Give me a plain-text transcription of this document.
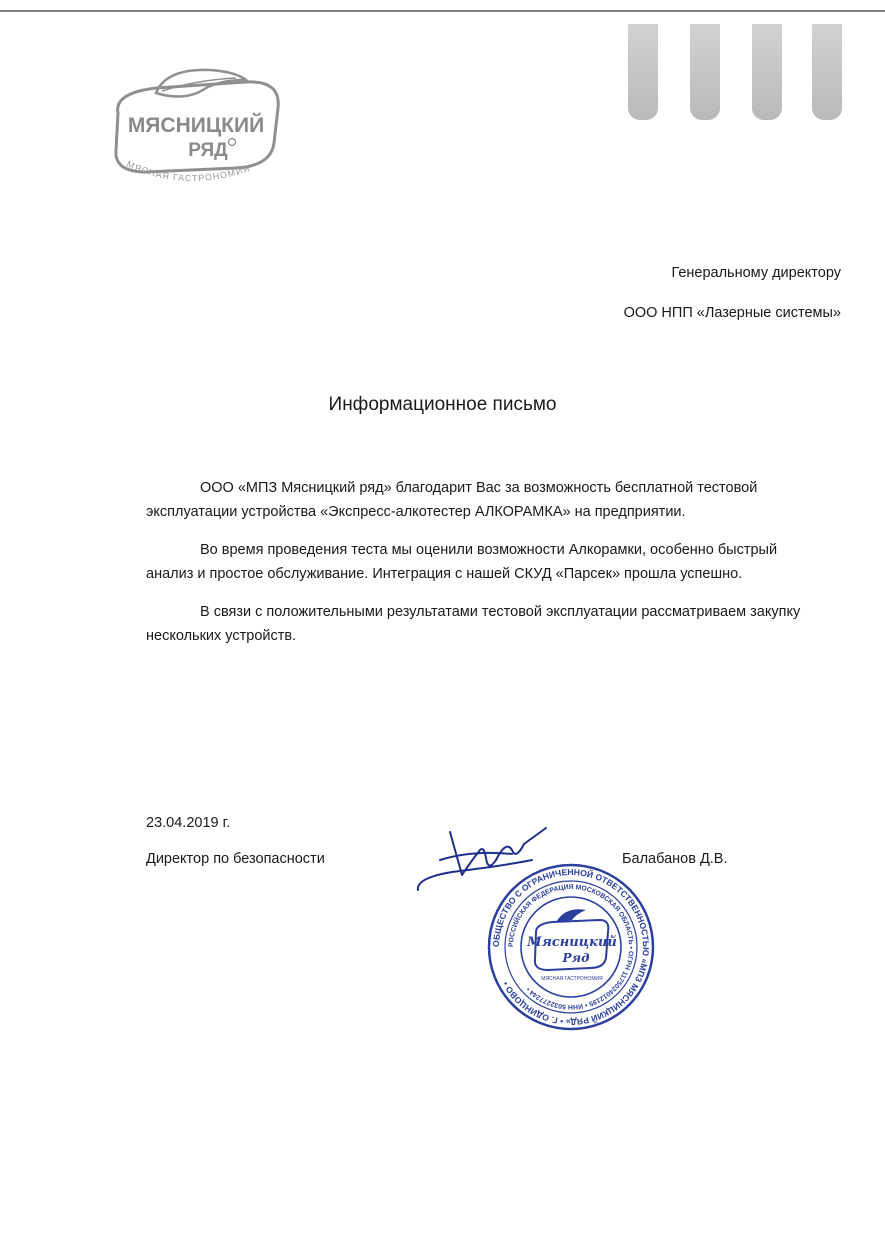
МЯСНИЦКИЙ
РЯД
МЯСНАЯ ГАСТРОНОМИЯ
Генеральному директору
ООО НПП «Лазерные системы»
Информационное письмо
ООО «МПЗ Мясницкий ряд» благодарит Вас за возможность бесплатной тестовой
эксплуатации устройства «Экспресс-алкотестер АЛКОРАМКА» на предприятии.
Во время проведения теста мы оценили возможности Алкорамки, особенно быстрый
анализ и простое обслуживание. Интеграция с нашей СКУД «Парсек» прошла успешно.
В связи с положительными результатами тестовой эксплуатации рассматриваем закупку
нескольких устройств.
23.04.2019 г.
Директор по безопасности	Балабанов Д.В.
ОБЩЕСТВО С ОГРАНИЧЕННОЙ ОТВЕТСТВЕННОСТЬЮ «МПЗ МЯСНИЦКИЙ РЯД» • Г. ОДИНЦОВО •
РОССИЙСКАЯ ФЕДЕРАЦИЯ МОСКОВСКАЯ ОБЛАСТЬ • ОГРН 1175024012195 • ИНН 5032277244 •
Мясницкий
Ряд
МЯСНАЯ ГАСТРОНОМИЯ
